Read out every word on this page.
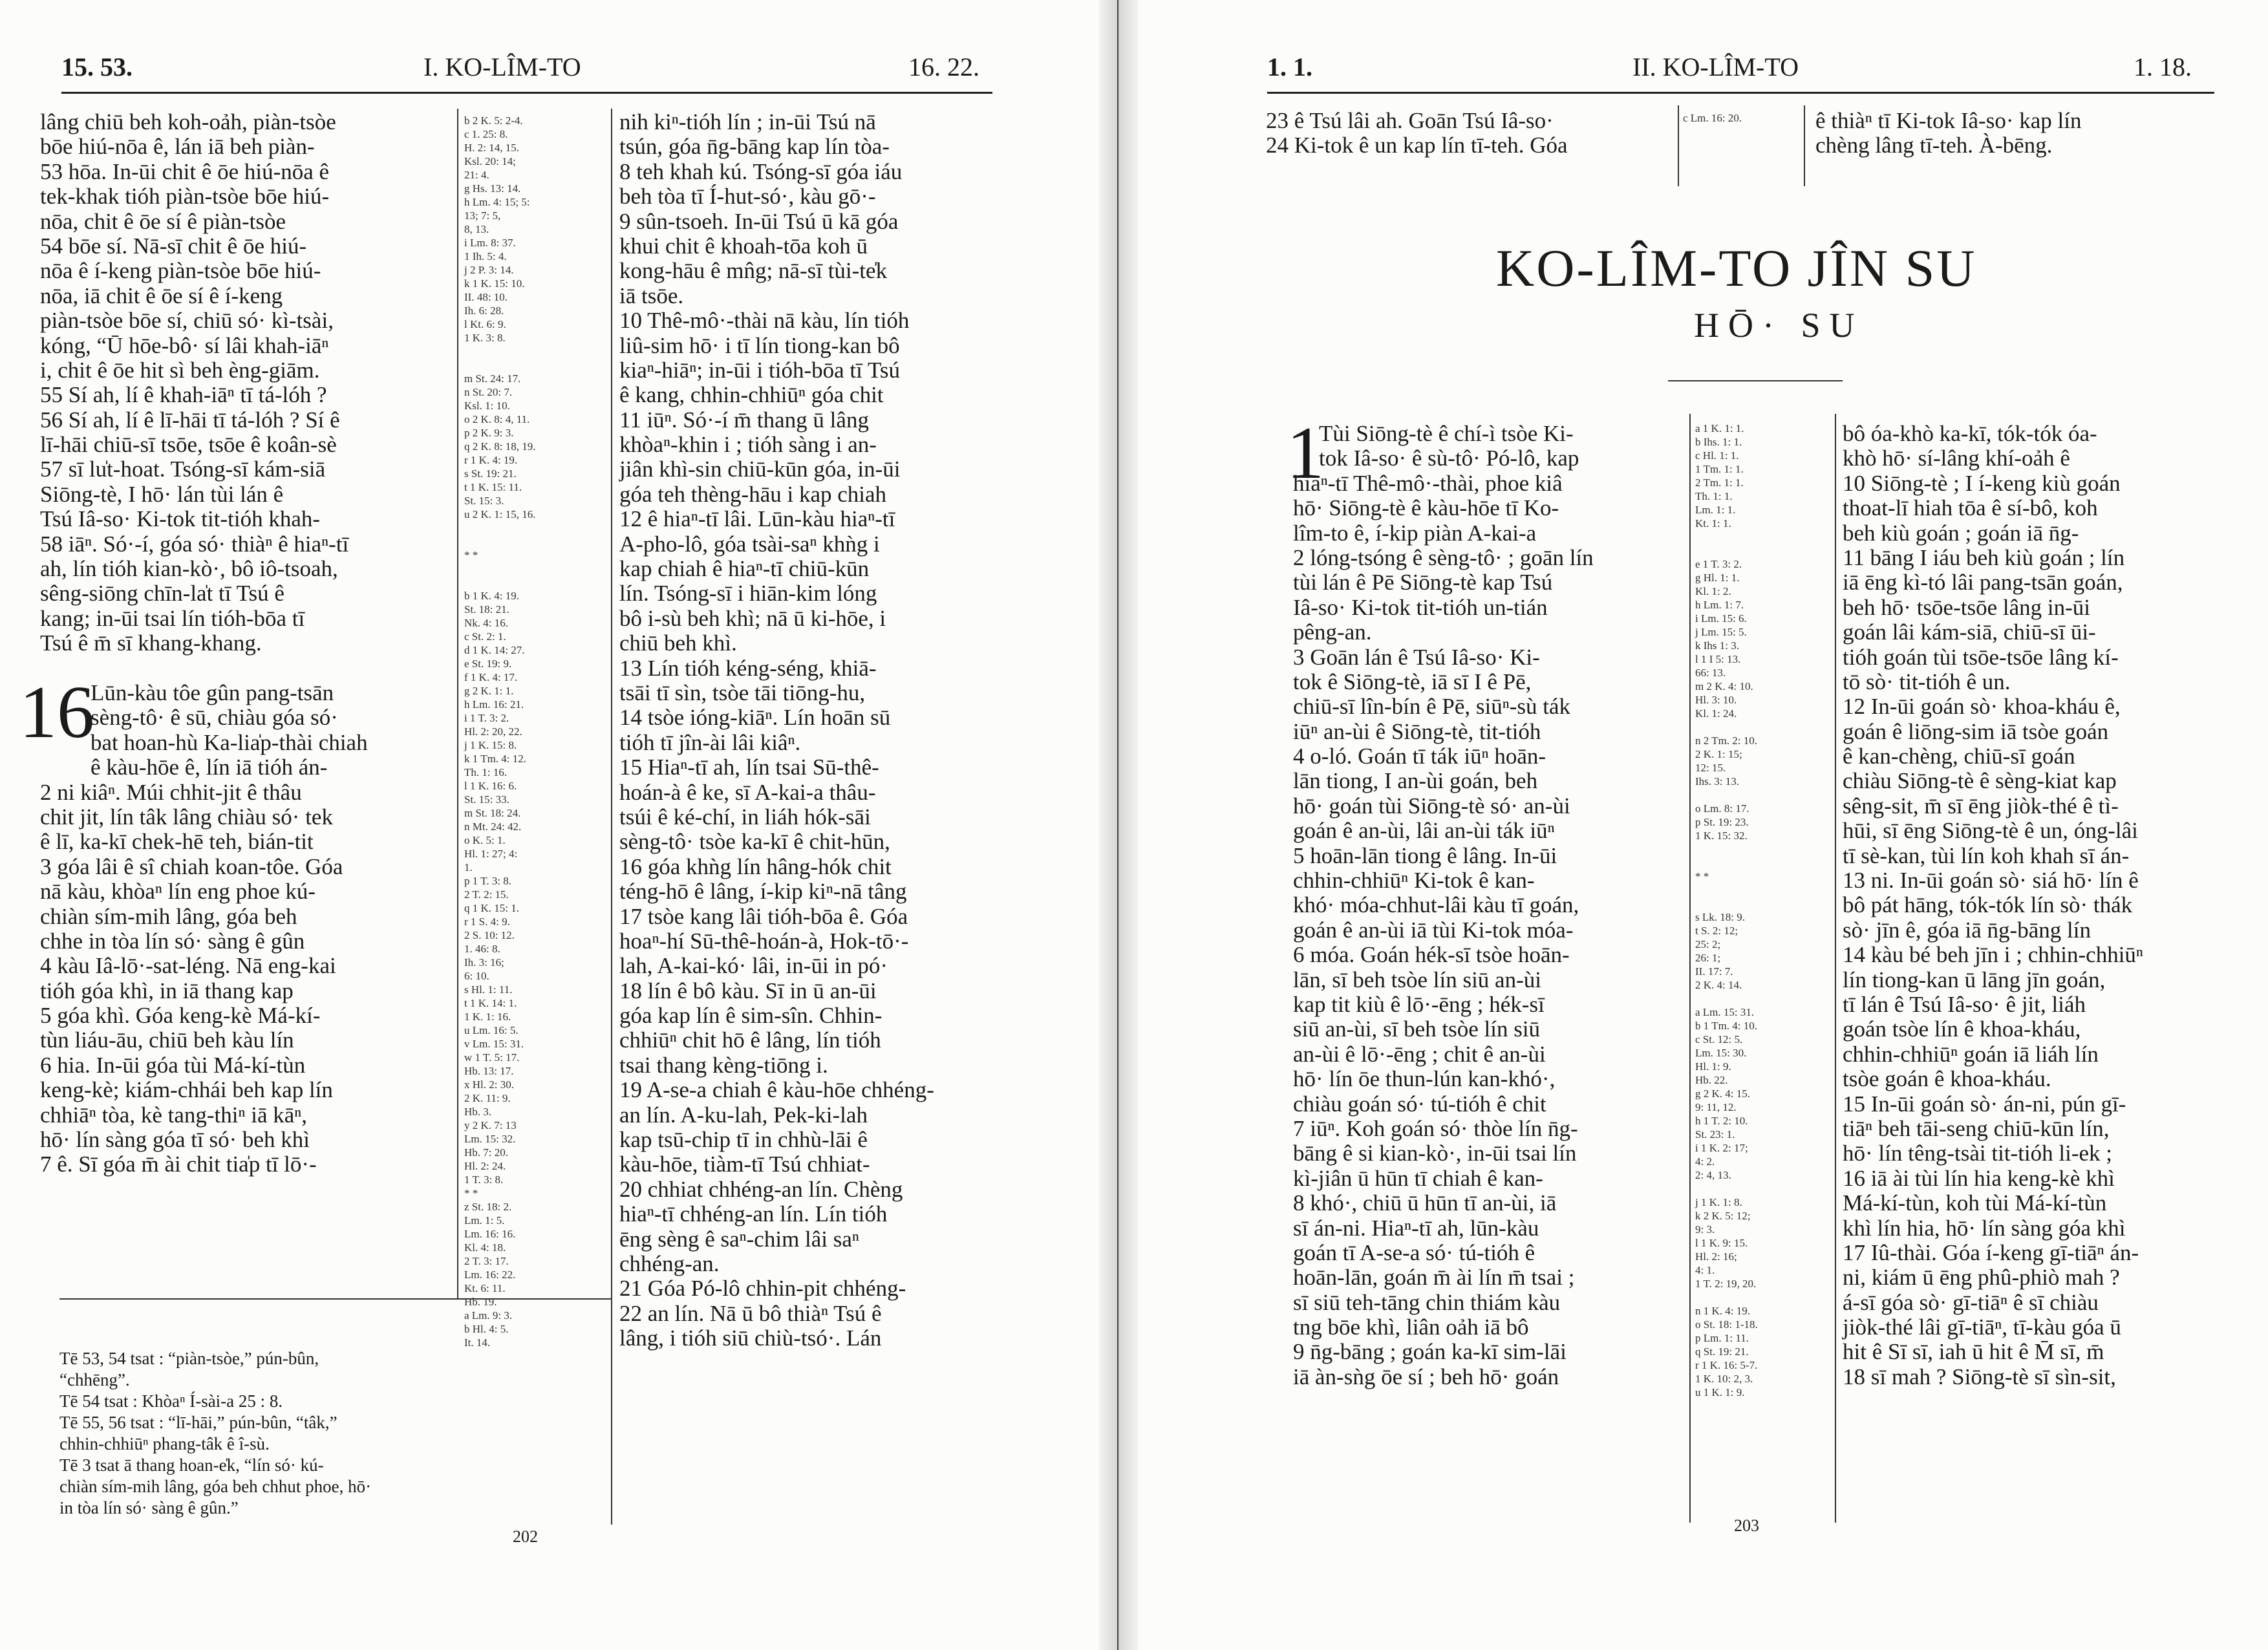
15. 53.	I. KO-LÎM-TO	16. 22.
lâng chiū beh koh-oảh, piàn-tsòe
bōe hiú-nōa ê, lán iā beh piàn-
53 hōa. In-ūi chit ê ōe hiú-nōa ê
tek-khak tióh piàn-tsòe bōe hiú-
nōa, chit ê ōe sí ê piàn-tsòe
54 bōe sí. Nā-sī chit ê ōe hiú-
nōa ê í-keng piàn-tsòe bōe hiú-
nōa, iā chit ê ōe sí ê í-keng
piàn-tsòe bōe sí, chiū só· kì-tsài,
kóng, “Ū hōe-bô· sí lâi khah-iāⁿ
i, chit ê ōe hit sì beh èng-giām.
55 Sí ah, lí ê khah-iāⁿ tī tá-lóh ?
56 Sí ah, lí ê lī-hāi tī tá-lóh ? Sí ê
lī-hāi chiū-sī tsōe, tsōe ê koân-sè
57 sī lu̍t-hoat. Tsóng-sī kám-siā
Siōng-tè, I hō· lán tùi lán ê
Tsú Iâ-so· Ki-tok tit-tióh khah-
58 iāⁿ. Só·-í, góa só· thiàⁿ ê hiaⁿ-tī
ah, lín tióh kian-kò·, bô iô-tsoah,
sêng-siōng chīn-la̍t tī Tsú ê
kang; in-ūi tsai lín tióh-bōa tī
Tsú ê m̄ sī khang-khang.

Lūn-kàu tôe gûn pang-tsān
sèng-tô· ê sū, chiàu góa só·
bat hoan-hù Ka-lia̍p-thài chiah
ê kàu-hōe ê, lín iā tióh án-
2 ni kiâⁿ. Múi chhit-jit ê thâu
chit jit, lín tâk lâng chiàu só· tek
ê lī, ka-kī chek-hē teh, bián-tit
3 góa lâi ê sî chiah koan-tôe. Góa
nā kàu, khòaⁿ lín eng phoe kú-
chiàn sím-mih lâng, góa beh
chhe in tòa lín só· sàng ê gûn
4 kàu Iâ-lō·-sat-léng. Nā eng-kai
tióh góa khì, in iā thang kap
5 góa khì. Góa keng-kè Má-kí-
tùn liáu-āu, chiū beh kàu lín
6 hia. In-ūi góa tùi Má-kí-tùn
keng-kè; kiám-chhái beh kap lín
chhiāⁿ tòa, kè tang-thiⁿ iā kāⁿ,
hō· lín sàng góa tī só· beh khì
7 ê. Sī góa m̄ ài chit tia̍p tī lō·-
16
b 2 K. 5: 2-4.
c 1. 25: 8.
H. 2: 14, 15.
Ksl. 20: 14;
21: 4.
g Hs. 13: 14.
h Lm. 4: 15; 5:
13; 7: 5,
8, 13.
i Lm. 8: 37.
1 Ih. 5: 4.
j 2 P. 3: 14.
k 1 K. 15: 10.
II. 48: 10.
Ih. 6: 28.
l Kt. 6: 9.
1 K. 3: 8.

m St. 24: 17.
n St. 20: 7.
Ksl. 1: 10.
o 2 K. 8: 4, 11.
p 2 K. 9: 3.
q 2 K. 8: 18, 19.
r 1 K. 4: 19.
s St. 19: 21.
t 1 K. 15: 11.
St. 15: 3.
u 2 K. 1: 15, 16.

* *

b 1 K. 4: 19.
St. 18: 21.
Nk. 4: 16.
c St. 2: 1.
d 1 K. 14: 27.
e St. 19: 9.
f 1 K. 4: 17.
g 2 K. 1: 1.
h Lm. 16: 21.
i 1 T. 3: 2.
Hl. 2: 20, 22.
j 1 K. 15: 8.
k 1 Tm. 4: 12.
Th. 1: 16.
l 1 K. 16: 6.
St. 15: 33.
m St. 18: 24.
n Mt. 24: 42.
o K. 5: 1.
Hl. 1: 27; 4:
1.
p 1 T. 3: 8.
2 T. 2: 15.
q 1 K. 15: 1.
r 1 S. 4: 9.
2 S. 10: 12.
1. 46: 8.
Ih. 3: 16;
6: 10.
s Hl. 1: 11.
t 1 K. 14: 1.
1 K. 1: 16.
u Lm. 16: 5.
v Lm. 15: 31.
w 1 T. 5: 17.
Hb. 13: 17.
x Hl. 2: 30.
2 K. 11: 9.
Hb. 3.
y 2 K. 7: 13
Lm. 15: 32.
Hb. 7: 20.
Hl. 2: 24.
1 T. 3: 8.
* *
z St. 18: 2.
Lm. 1: 5.
Lm. 16: 16.
Kl. 4: 18.
2 T. 3: 17.
Lm. 16: 22.
Kt. 6: 11.
Hb. 19.
a Lm. 9: 3.
b Hl. 4: 5.
It. 14.
nih kiⁿ-tióh lín ; in-ūi Tsú nā
tsún, góa n̄g-bāng kap lín tòa-
8 teh khah kú. Tsóng-sī góa iáu
beh tòa tī Í-hut-só·, kàu gō·-
9 sûn-tsoeh. In-ūi Tsú ū kā góa
khui chit ê khoah-tōa koh ū
kong-hāu ê mn̂g; nā-sī tùi-te̍k
iā tsōe.
10 Thê-mô·-thài nā kàu, lín tióh
liû-sim hō· i tī lín tiong-kan bô
kiaⁿ-hiāⁿ; in-ūi i tióh-bōa tī Tsú
ê kang, chhin-chhiūⁿ góa chit
11 iūⁿ. Só·-í m̄ thang ū lâng
khòaⁿ-khin i ; tióh sàng i an-
jiân khì-sin chiū-kūn góa, in-ūi
góa teh thèng-hāu i kap chiah
12 ê hiaⁿ-tī lâi. Lūn-kàu hiaⁿ-tī
A-pho-lô, góa tsài-saⁿ khǹg i
kap chiah ê hiaⁿ-tī chiū-kūn
lín. Tsóng-sī i hiān-kim lóng
bô i-sù beh khì; nā ū ki-hōe, i
chiū beh khì.
13 Lín tióh kéng-séng, khiā-
tsāi tī sìn, tsòe tāi tiōng-hu,
14 tsòe ióng-kiāⁿ. Lín hoān sū
tióh tī jîn-ài lâi kiâⁿ.
15 Hiaⁿ-tī ah, lín tsai Sū-thê-
hoán-à ê ke, sī A-kai-a thâu-
tsúi ê ké-chí, in liáh hók-sāi
sèng-tô· tsòe ka-kī ê chit-hūn,
16 góa khǹg lín hâng-hók chit
téng-hō ê lâng, í-kip kiⁿ-nā tâng
17 tsòe kang lâi tióh-bōa ê. Góa
hoaⁿ-hí Sū-thê-hoán-à, Hok-tō·-
lah, A-kai-kó· lâi, in-ūi in pó·
18 lín ê bô kàu. Sī in ū an-ūi
góa kap lín ê sim-sîn. Chhin-
chhiūⁿ chit hō ê lâng, lín tióh
tsai thang kèng-tiōng i.
19 A-se-a chiah ê kàu-hōe chhéng-
an lín. A-ku-lah, Pek-ki-lah
kap tsū-chip tī in chhù-lāi ê
kàu-hōe, tiàm-tī Tsú chhiat-
20 chhiat chhéng-an lín. Chèng
hiaⁿ-tī chhéng-an lín. Lín tióh
ēng sèng ê saⁿ-chim lâi saⁿ
chhéng-an.
21 Góa Pó-lô chhin-pit chhéng-
22 an lín. Nā ū bô thiàⁿ Tsú ê
lâng, i tióh siū chiù-tsó·. Lán
Tē 53, 54 tsat : “piàn-tsòe,” pún-bûn,
“chhēng”.
Tē 54 tsat : Khòaⁿ Í-sài-a 25 : 8.
Tē 55, 56 tsat : “lī-hāi,” pún-bûn, “tâk,”
chhin-chhiūⁿ phang-tâk ê î-sù.
Tē 3 tsat ā thang hoan-e̍k, “lín só· kú-
chiàn sím-mih lâng, góa beh chhut phoe, hō·
in tòa lín só· sàng ê gûn.”
202
1. 1.	II. KO-LÎM-TO	1. 18.
23 ê Tsú lâi ah. Goān Tsú Iâ-so·
24 Ki-tok ê un kap lín tī-teh. Góa
c Lm. 16: 20.	ê thiàⁿ tī Ki-tok Iâ-so· kap lín
chèng lâng tī-teh. À-bēng.
KO-LÎM-TO JÎN SU
HŌ· SU
1
Tùi Siōng-tè ê chí-ì tsòe Ki-
tok Iâ-so· ê sù-tô· Pó-lô, kap
hiaⁿ-tī Thê-mô·-thài, phoe kiâ
hō· Siōng-tè ê kàu-hōe tī Ko-
lîm-to ê, í-kip piàn A-kai-a
2 lóng-tsóng ê sèng-tô· ; goān lín
tùi lán ê Pē Siōng-tè kap Tsú
Iâ-so· Ki-tok tit-tióh un-tián
pêng-an.
3 Goān lán ê Tsú Iâ-so· Ki-
tok ê Siōng-tè, iā sī I ê Pē,
chiū-sī lîn-bín ê Pē, siūⁿ-sù ták
iūⁿ an-ùi ê Siōng-tè, tit-tióh
4 o-ló. Goán tī ták iūⁿ hoān-
lān tiong, I an-ùi goán, beh
hō· goán tùi Siōng-tè só· an-ùi
goán ê an-ùi, lâi an-ùi ták iūⁿ
5 hoān-lān tiong ê lâng. In-ūi
chhin-chhiūⁿ Ki-tok ê kan-
khó· móa-chhut-lâi kàu tī goán,
goán ê an-ùi iā tùi Ki-tok móa-
6 móa. Goán hék-sī tsòe hoān-
lān, sī beh tsòe lín siū an-ùi
kap tit kiù ê lō·-ēng ; hék-sī
siū an-ùi, sī beh tsòe lín siū
an-ùi ê lō·-ēng ; chit ê an-ùi
hō· lín ōe thun-lún kan-khó·,
chiàu goán só· tú-tióh ê chit
7 iūⁿ. Koh goán só· thòe lín n̄g-
bāng ê si kian-kò·, in-ūi tsai lín
kì-jiân ū hūn tī chiah ê kan-
8 khó·, chiū ū hūn tī an-ùi, iā
sī án-ni. Hiaⁿ-tī ah, lūn-kàu
goán tī A-se-a só· tú-tióh ê
hoān-lān, goán m̄ ài lín m̄ tsai ;
sī siū teh-tāng chin thiám kàu
tng bōe khì, liân oảh iā bô
9 n̄g-bāng ; goán ka-kī sim-lāi
iā àn-sǹg ōe sí ; beh hō· goán
a 1 K. 1: 1.
b Ihs. 1: 1.
c Hl. 1: 1.
1 Tm. 1: 1.
2 Tm. 1: 1.
Th. 1: 1.
Lm. 1: 1.
Kt. 1: 1.

e 1 T. 3: 2.
g Hl. 1: 1.
Kl. 1: 2.
h Lm. 1: 7.
i Lm. 15: 6.
j Lm. 15: 5.
k Ihs 1: 3.
l 1 I 5: 13.
66: 13.
m 2 K. 4: 10.
Hl. 3: 10.
Kl. 1: 24.

n 2 Tm. 2: 10.
2 K. 1: 15;
12: 15.
Ihs. 3: 13.

o Lm. 8: 17.
p St. 19: 23.
1 K. 15: 32.

* *

s Lk. 18: 9.
t S. 2: 12;
25: 2;
26: 1;
II. 17: 7.
2 K. 4: 14.

a Lm. 15: 31.
b 1 Tm. 4: 10.
c St. 12: 5.
Lm. 15: 30.
Hl. 1: 9.
Hb. 22.
g 2 K. 4: 15.
9: 11, 12.
h 1 T. 2: 10.
St. 23: 1.
i 1 K. 2: 17;
4: 2.
2: 4, 13.

j 1 K. 1: 8.
k 2 K. 5: 12;
9: 3.
l 1 K. 9: 15.
Hl. 2: 16;
4: 1.
1 T. 2: 19, 20.

n 1 K. 4: 19.
o St. 18: 1-18.
p Lm. 1: 11.
q St. 19: 21.
r 1 K. 16: 5-7.
1 K. 10: 2, 3.
u 1 K. 1: 9.
bô óa-khò ka-kī, tók-tók óa-
khò hō· sí-lâng khí-oảh ê
10 Siōng-tè ; I í-keng kiù goán
thoat-lī hiah tōa ê sí-bô, koh
beh kiù goán ; goán iā n̄g-
11 bāng I iáu beh kiù goán ; lín
iā ēng kì-tó lâi pang-tsān goán,
beh hō· tsōe-tsōe lâng in-ūi
goán lâi kám-siā, chiū-sī ūi-
tióh goán tùi tsōe-tsōe lâng kí-
tō sò· tit-tióh ê un.
12 In-ūi goán sò· khoa-kháu ê,
goán ê liōng-sim iā tsòe goán
ê kan-chèng, chiū-sī goán
chiàu Siōng-tè ê sèng-kiat kap
sêng-sit, m̄ sī ēng jiòk-thé ê tì-
hūi, sī ēng Siōng-tè ê un, óng-lâi
tī sè-kan, tùi lín koh khah sī án-
13 ni. In-ūi goán sò· siá hō· lín ê
bô pát hāng, tók-tók lín sò· thák
sò· jīn ê, góa iā n̄g-bāng lín
14 kàu bé beh jīn i ; chhin-chhiūⁿ
lín tiong-kan ū lāng jīn goán,
tī lán ê Tsú Iâ-so· ê jit, liáh
goán tsòe lín ê khoa-kháu,
chhin-chhiūⁿ goán iā liáh lín
tsòe goán ê khoa-kháu.
15 In-ūi goán sò· án-ni, pún gī-
tiāⁿ beh tāi-seng chiū-kūn lín,
hō· lín têng-tsài tit-tióh li-ek ;
16 iā ài tùi lín hia keng-kè khì
Má-kí-tùn, koh tùi Má-kí-tùn
khì lín hia, hō· lín sàng góa khì
17 Iû-thài. Góa í-keng gī-tiāⁿ án-
ni, kiám ū ēng phû-phiò mah ?
á-sī góa sò· gī-tiāⁿ ê sī chiàu
jiòk-thé lâi gī-tiāⁿ, tī-kàu góa ū
hit ê Sī sī, iah ū hit ê M̄ sī, m̄
18 sī mah ? Siōng-tè sī sìn-sit,
203
